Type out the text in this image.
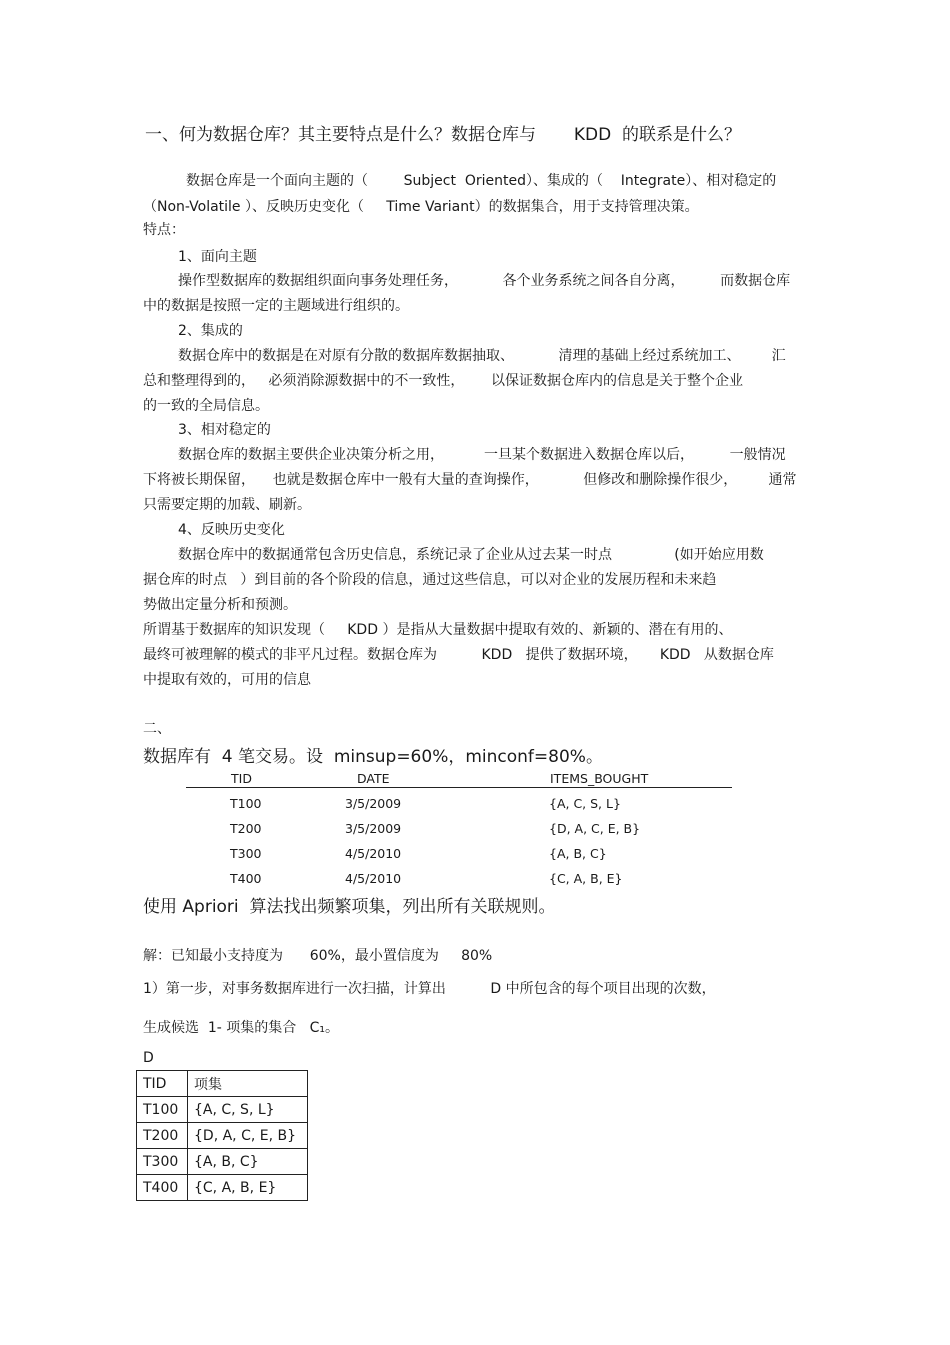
一、何为数据仓库？其主要特点是什么？数据仓库与       KDD  的联系是什么？
数据仓库是一个面向主题的（        Subject  Oriented）、集成的（    Integrate）、相对稳定的
（Non-Volatile ）、反映历史变化（     Time Variant）的数据集合，用于支持管理决策。
特点：
1、面向主题
操作型数据库的数据组织面向事务处理任务，          各个业务系统之间各自分离，        而数据仓库
中的数据是按照一定的主题域进行组织的。
2、集成的
数据仓库中的数据是在对原有分散的数据库数据抽取、          清理的基础上经过系统加工、       汇
总和整理得到的，   必须消除源数据中的不一致性，      以保证数据仓库内的信息是关于整个企业
的一致的全局信息。
3、相对稳定的
数据仓库的数据主要供企业决策分析之用，         一旦某个数据进入数据仓库以后，        一般情况
下将被长期保留，    也就是数据仓库中一般有大量的查询操作，          但修改和删除操作很少，       通常
只需要定期的加载、刷新。
4、反映历史变化
数据仓库中的数据通常包含历史信息，系统记录了企业从过去某一时点              (如开始应用数
据仓库的时点   ）到目前的各个阶段的信息，通过这些信息，可以对企业的发展历程和未来趋
势做出定量分析和预测。
所谓基于数据库的知识发现（     KDD ）是指从大量数据中提取有效的、新颖的、潜在有用的、
最终可被理解的模式的非平凡过程。数据仓库为          KDD   提供了数据环境，     KDD   从数据仓库
中提取有效的，可用的信息
二、
数据库有  4 笔交易。设  minsup=60%，minconf=80%。
TID	DATE	ITEMS_BOUGHT
T100	3/5/2009	{A, C, S, L}
T200	3/5/2009	{D, A, C, E, B}
T300	4/5/2010	{A, B, C}
T400	4/5/2010	{C, A, B, E}
使用 Apriori  算法找出频繁项集，列出所有关联规则。
解：已知最小支持度为      60%，最小置信度为     80%
1）第一步，对事务数据库进行一次扫描，计算出          D 中所包含的每个项目出现的次数，
生成候选  1- 项集的集合   C₁。
D
TID	项集
T100	{A, C, S, L}
T200	{D, A, C, E, B}
T300	{A, B, C}
T400	{C, A, B, E}
